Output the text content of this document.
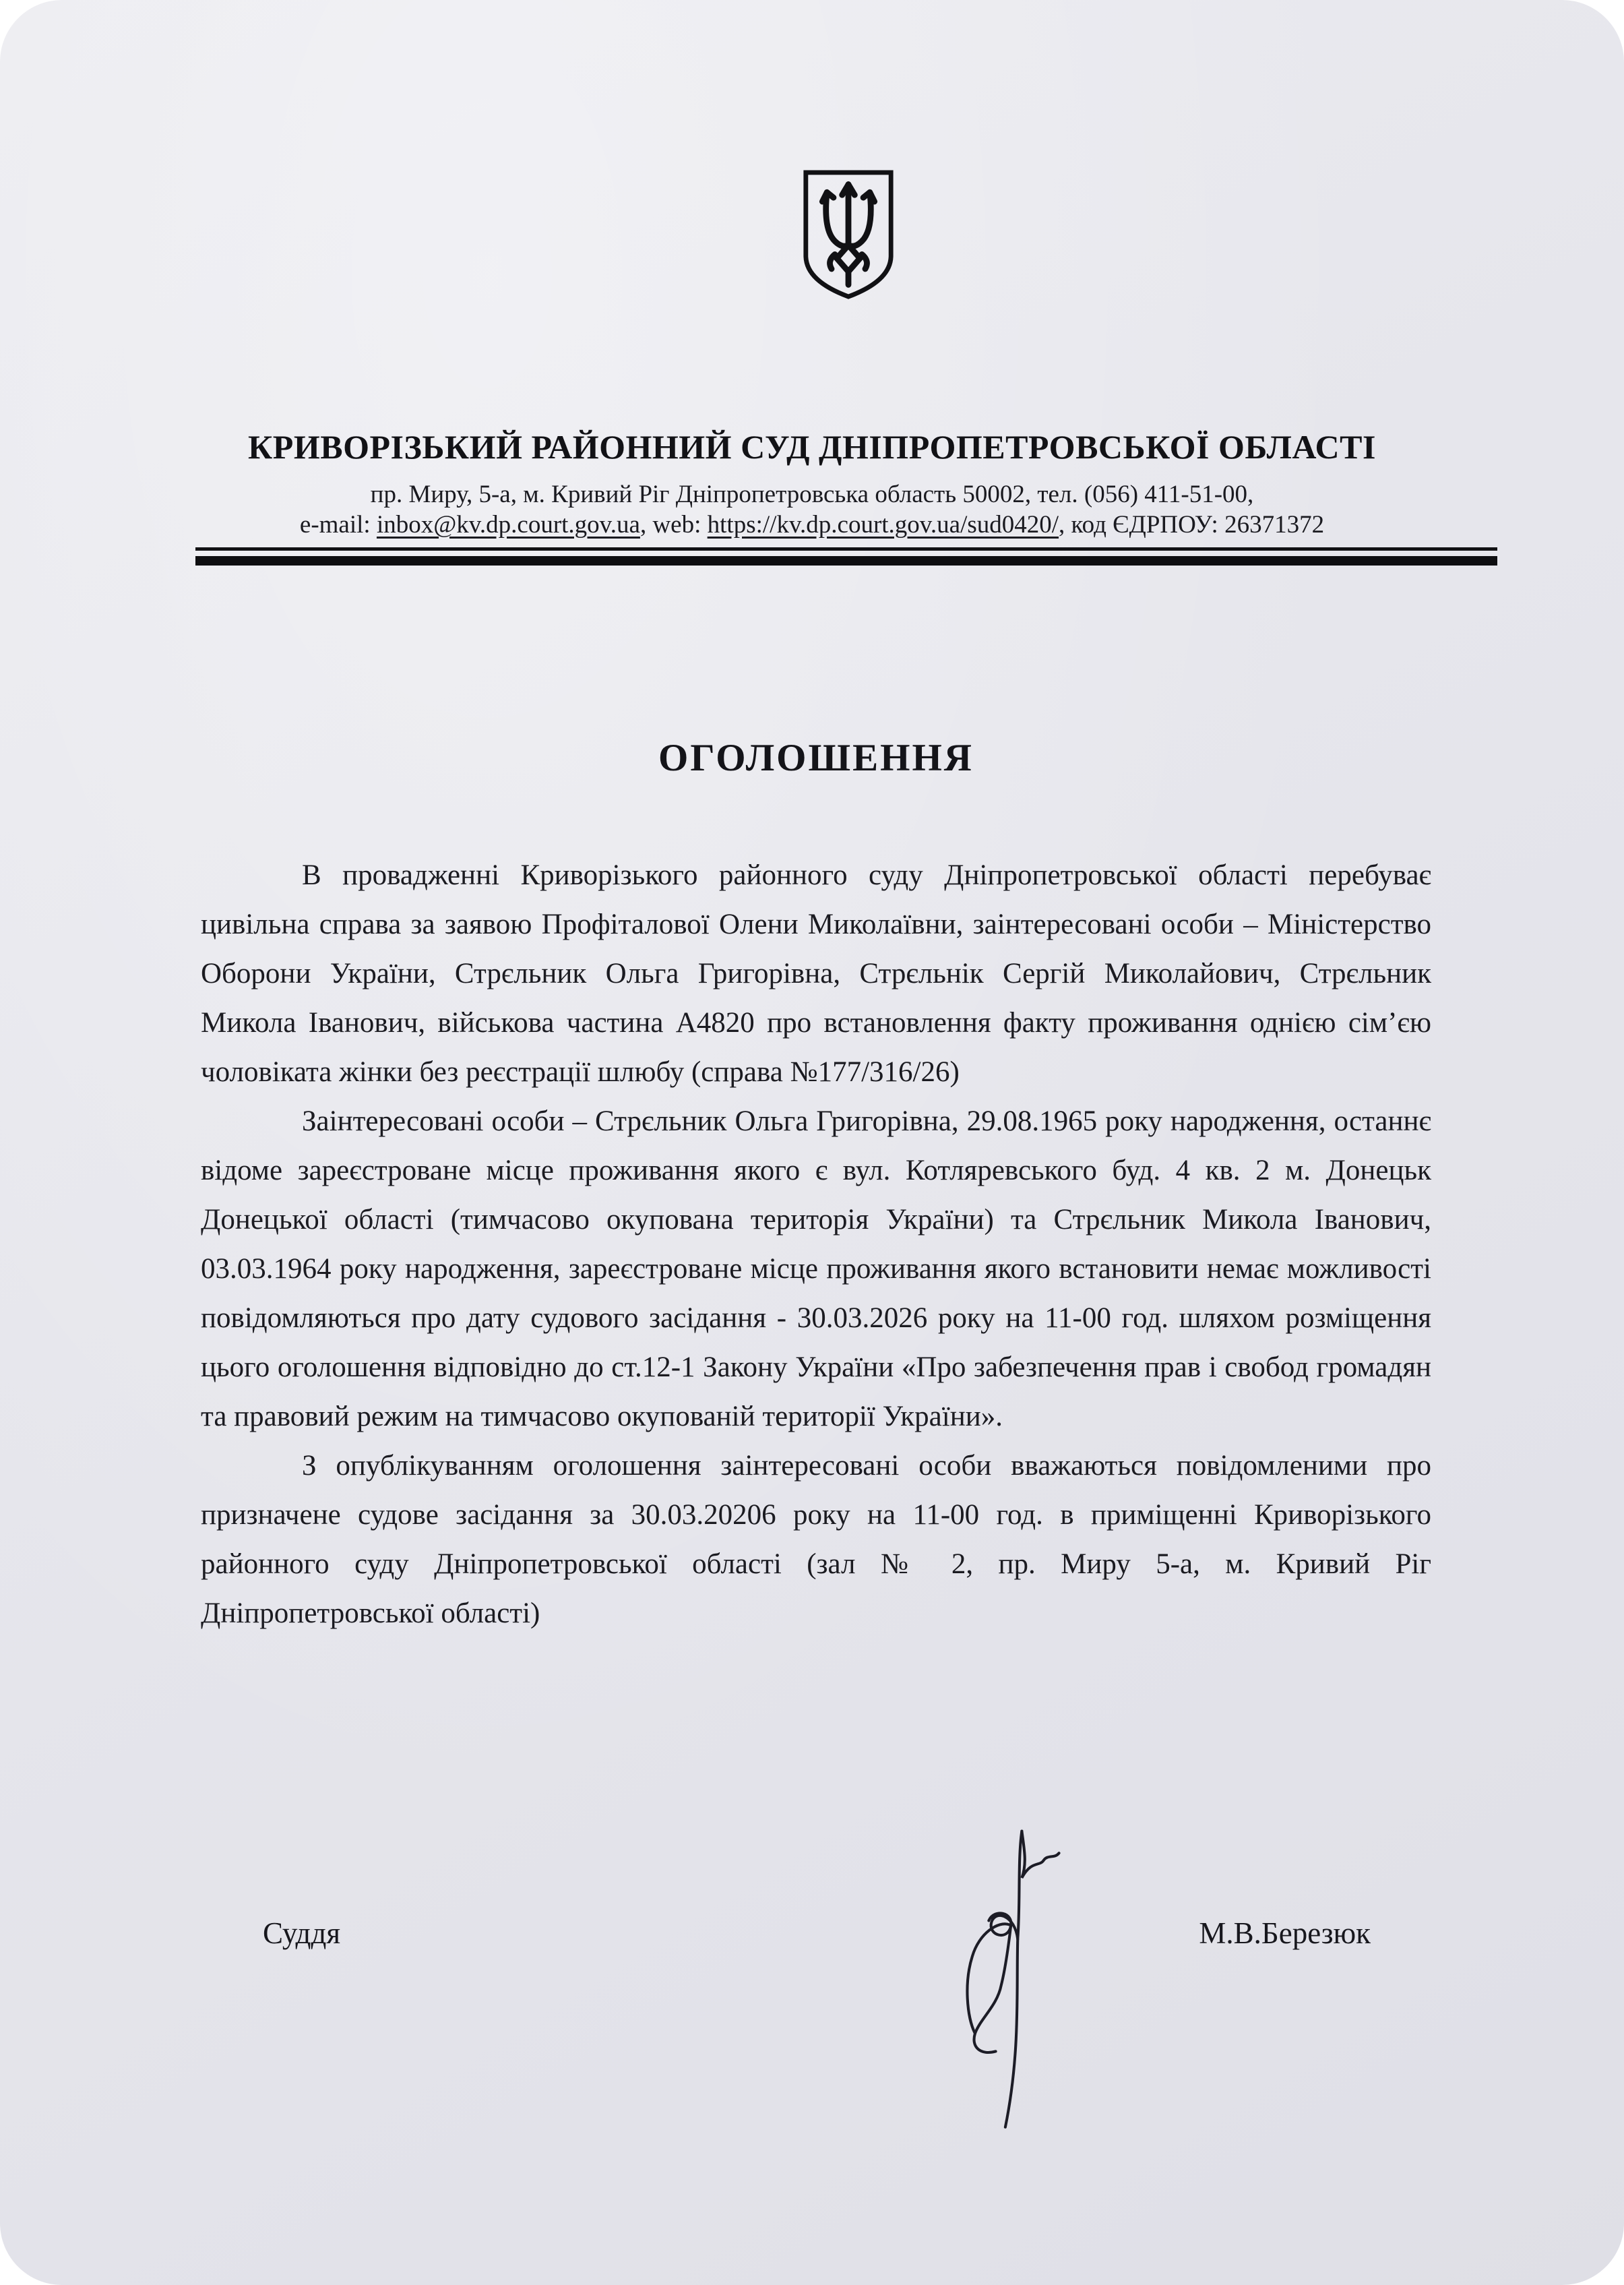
КРИВОРІЗЬКИЙ РАЙОННИЙ СУД ДНІПРОПЕТРОВСЬКОЇ ОБЛАСТІ
пр. Миру, 5-а, м. Кривий Ріг Дніпропетровська область 50002, тел. (056) 411-51-00,
e-mail: inbox@kv.dp.court.gov.ua, web: https://kv.dp.court.gov.ua/sud0420/, код ЄДРПОУ: 26371372
ОГОЛОШЕННЯ

В провадженні Криворізького районного суду Дніпропетровської області перебуває цивільна справа за заявою Профіталової Олени Миколаївни, заінтересовані особи – Міністерство Оборони України, Стрєльник Ольга Григорівна, Стрєльнік Сергій Миколайович, Стрєльник Микола Іванович, військова частина А4820 про встановлення факту проживання однією сім’єю чоловіката жінки без реєстрації шлюбу (справа №177/316/26)

Заінтересовані особи – Стрєльник Ольга Григорівна, 29.08.1965 року народження, останнє відоме зареєстроване місце проживання якого є вул. Котляревського буд. 4 кв. 2 м. Донецьк Донецької області (тимчасово окупована територія України) та Стрєльник Микола Іванович, 03.03.1964 року народження, зареєстроване місце проживання якого встановити немає можливості повідомляються про дату судового засідання - 30.03.2026 року на 11-00 год. шляхом розміщення цього оголошення відповідно до ст.12-1 Закону України «Про забезпечення прав і свобод громадян та правовий режим на тимчасово окупованій території України».

З опублікуванням оголошення заінтересовані особи вважаються повідомленими про призначене судове засідання за 30.03.20206 року на 11-00 год. в приміщенні Криворізького районного суду Дніпропетровської області (зал № 2, пр. Миру 5-а, м. Кривий Ріг Дніпропетровської області)

Суддя	М.В.Березюк
